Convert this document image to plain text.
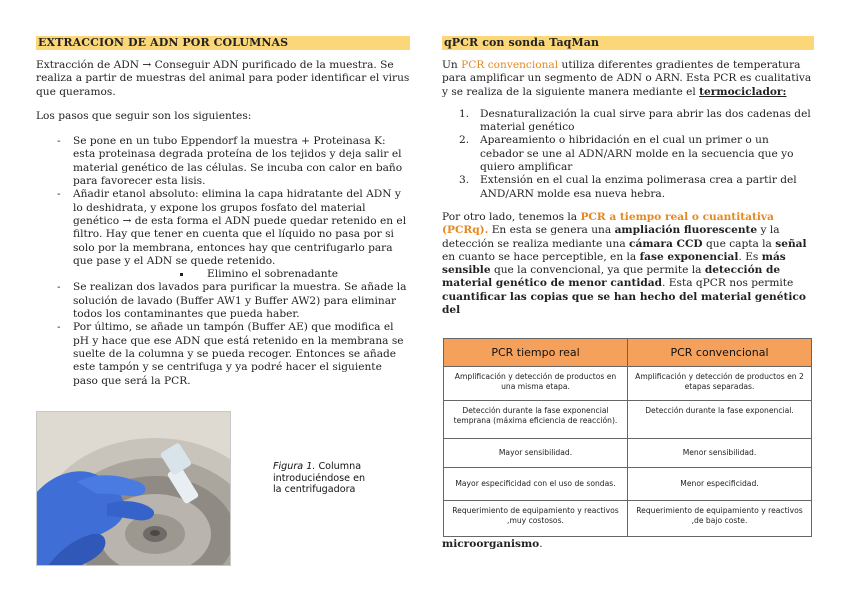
EXTRACCION DE ADN POR COLUMNAS

Extracción de ADN → Conseguir ADN purificado de la muestra. Se realiza a partir de muestras del animal para poder identificar el virus que queramos.

Los pasos que seguir son los siguientes:

- Se pone en un tubo Eppendorf la muestra + Proteinasa K: esta proteinasa degrada proteína de los tejidos y deja salir el material genético de las células. Se incuba con calor en baño para favorecer esta lisis.
- Añadir etanol absoluto: elimina la capa hidratante del ADN y lo deshidrata, y expone los grupos fosfato del material genético → de esta forma el ADN puede quedar retenido en el filtro. Hay que tener en cuenta que el líquido no pasa por si solo por la membrana, entonces hay que centrifugarlo para que pase y el ADN se quede retenido.
Elimino el sobrenadante
- Se realizan dos lavados para purificar la muestra. Se añade la solución de lavado (Buffer AW1 y Buffer AW2) para eliminar todos los contaminantes que pueda haber.
- Por último, se añade un tampón (Buffer AE) que modifica el pH y hace que ese ADN que está retenido en la membrana se suelte de la columna y se pueda recoger. Entonces se añade este tampón y se centrifuga y ya podré hacer el siguiente paso que será la PCR.
Figura 1. Columna introduciéndose en la centrifugadora
qPCR con sonda TaqMan

Un PCR convencional utiliza diferentes gradientes de temperatura para amplificar un segmento de ADN o ARN. Esta PCR es cualitativa y se realiza de la siguiente manera mediante el termociclador:

1. Desnaturalización la cual sirve para abrir las dos cadenas del material genético
2. Apareamiento o hibridación en el cual un primer o un cebador se une al ADN/ARN molde en la secuencia que yo quiero amplificar
3. Extensión en el cual la enzima polimerasa crea a partir del AND/ARN molde esa nueva hebra.

Por otro lado, tenemos la PCR a tiempo real o cuantitativa (PCRq). En esta se genera una ampliación fluorescente y la detección se realiza mediante una cámara CCD que capta la señal en cuanto se hace perceptible, en la fase exponencial. Es más sensible que la convencional, ya que permite la detección de material genético de menor cantidad. Esta qPCR nos permite cuantificar las copias que se han hecho del material genético del

PCR tiempo real	PCR convencional
Amplificación y detección de productos en una misma etapa.	Amplificación y detección de productos en 2 etapas separadas.
Detección durante la fase exponencial temprana (máxima eficiencia de reacción).	Detección durante la fase exponencial.
Mayor sensibilidad.	Menor sensibilidad.
Mayor especificidad con el uso de sondas.	Menor especificidad.
Requerimiento de equipamiento y reactivos ,muy costosos.	Requerimiento de equipamiento y reactivos ,de bajo coste.
microorganismo.
